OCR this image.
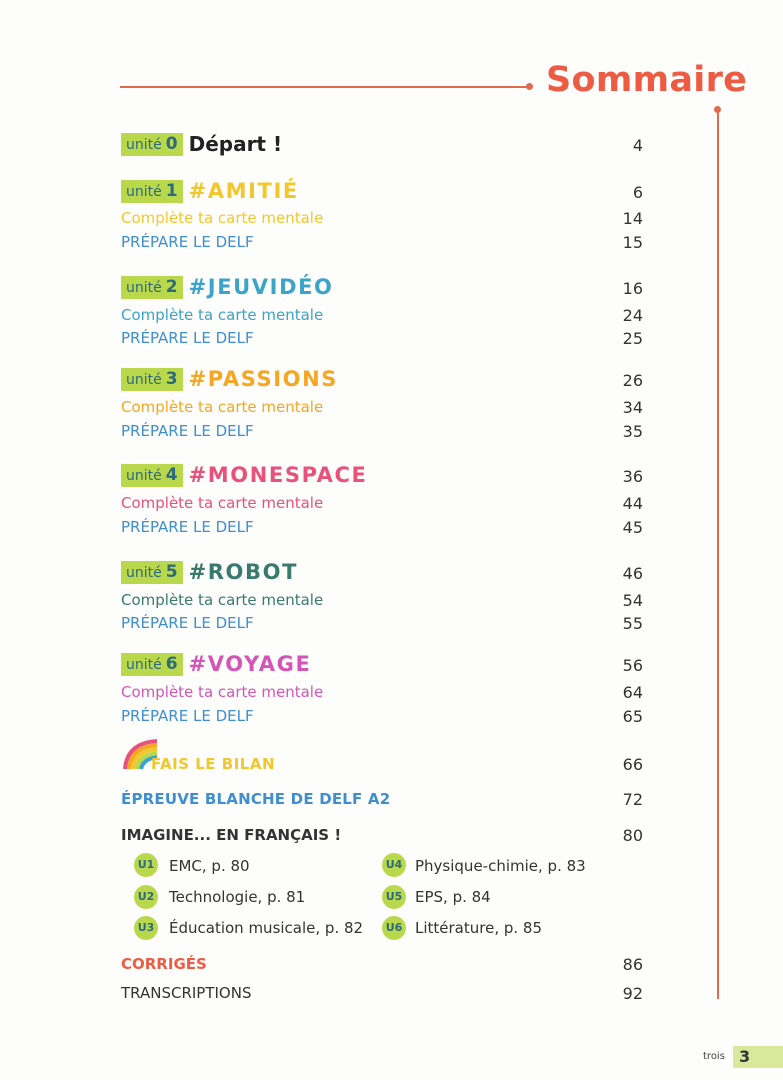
Sommaire
unité 0 Départ !	4
unité 1 #AMITIÉ	6
Complète ta carte mentale	14
PRÉPARE LE DELF	15
unité 2 #JEUVIDÉO	16
Complète ta carte mentale	24
PRÉPARE LE DELF	25
unité 3 #PASSIONS	26
Complète ta carte mentale	34
PRÉPARE LE DELF	35
unité 4 #MONESPACE	36
Complète ta carte mentale	44
PRÉPARE LE DELF	45
unité 5 #ROBOT	46
Complète ta carte mentale	54
PRÉPARE LE DELF	55
unité 6 #VOYAGE	56
Complète ta carte mentale	64
PRÉPARE LE DELF	65
FAIS LE BILAN	66
ÉPREUVE BLANCHE DE DELF A2	72
IMAGINE... EN FRANÇAIS !	80
U1 EMC, p. 80
U2 Technologie, p. 81
U3 Éducation musicale, p. 82
U4 Physique-chimie, p. 83
U5 EPS, p. 84
U6 Littérature, p. 85
CORRIGÉS	86
TRANSCRIPTIONS	92
trois 3
